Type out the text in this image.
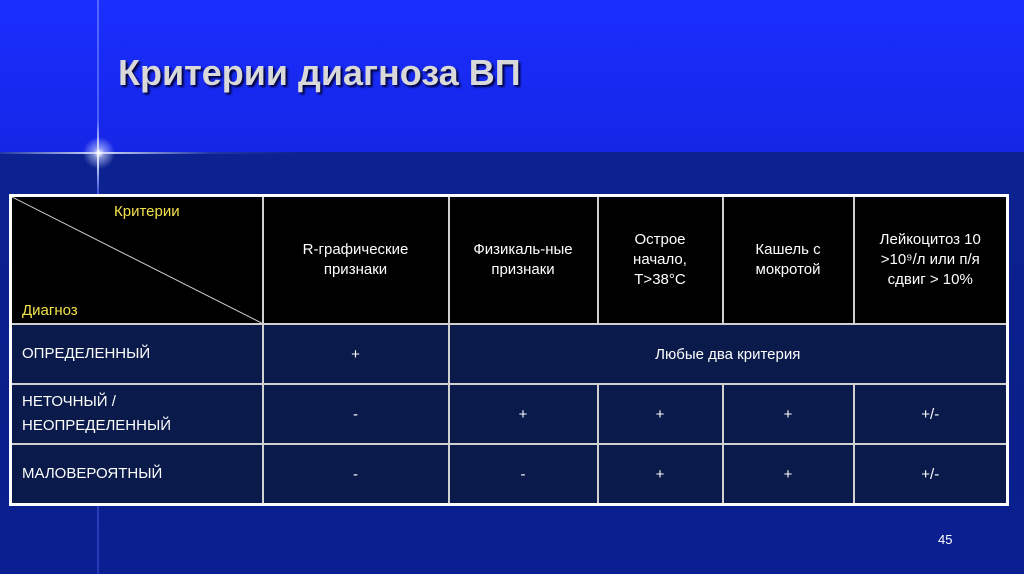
Критерии диагноза ВП
Критерии
Диагноз	R-графические признаки	Физикаль-ные признаки	Острое начало, Т>38°С	Кашель с мокротой	Лейкоцитоз 10 >10⁹/л или п/я сдвиг > 10%
ОПРЕДЕЛЕННЫЙ	+	Любые два критерия			
НЕТОЧНЫЙ / НЕОПРЕДЕЛЕННЫЙ	-	+	+	+	+/-
МАЛОВЕРОЯТНЫЙ	-	-	+	+	+/-
45
